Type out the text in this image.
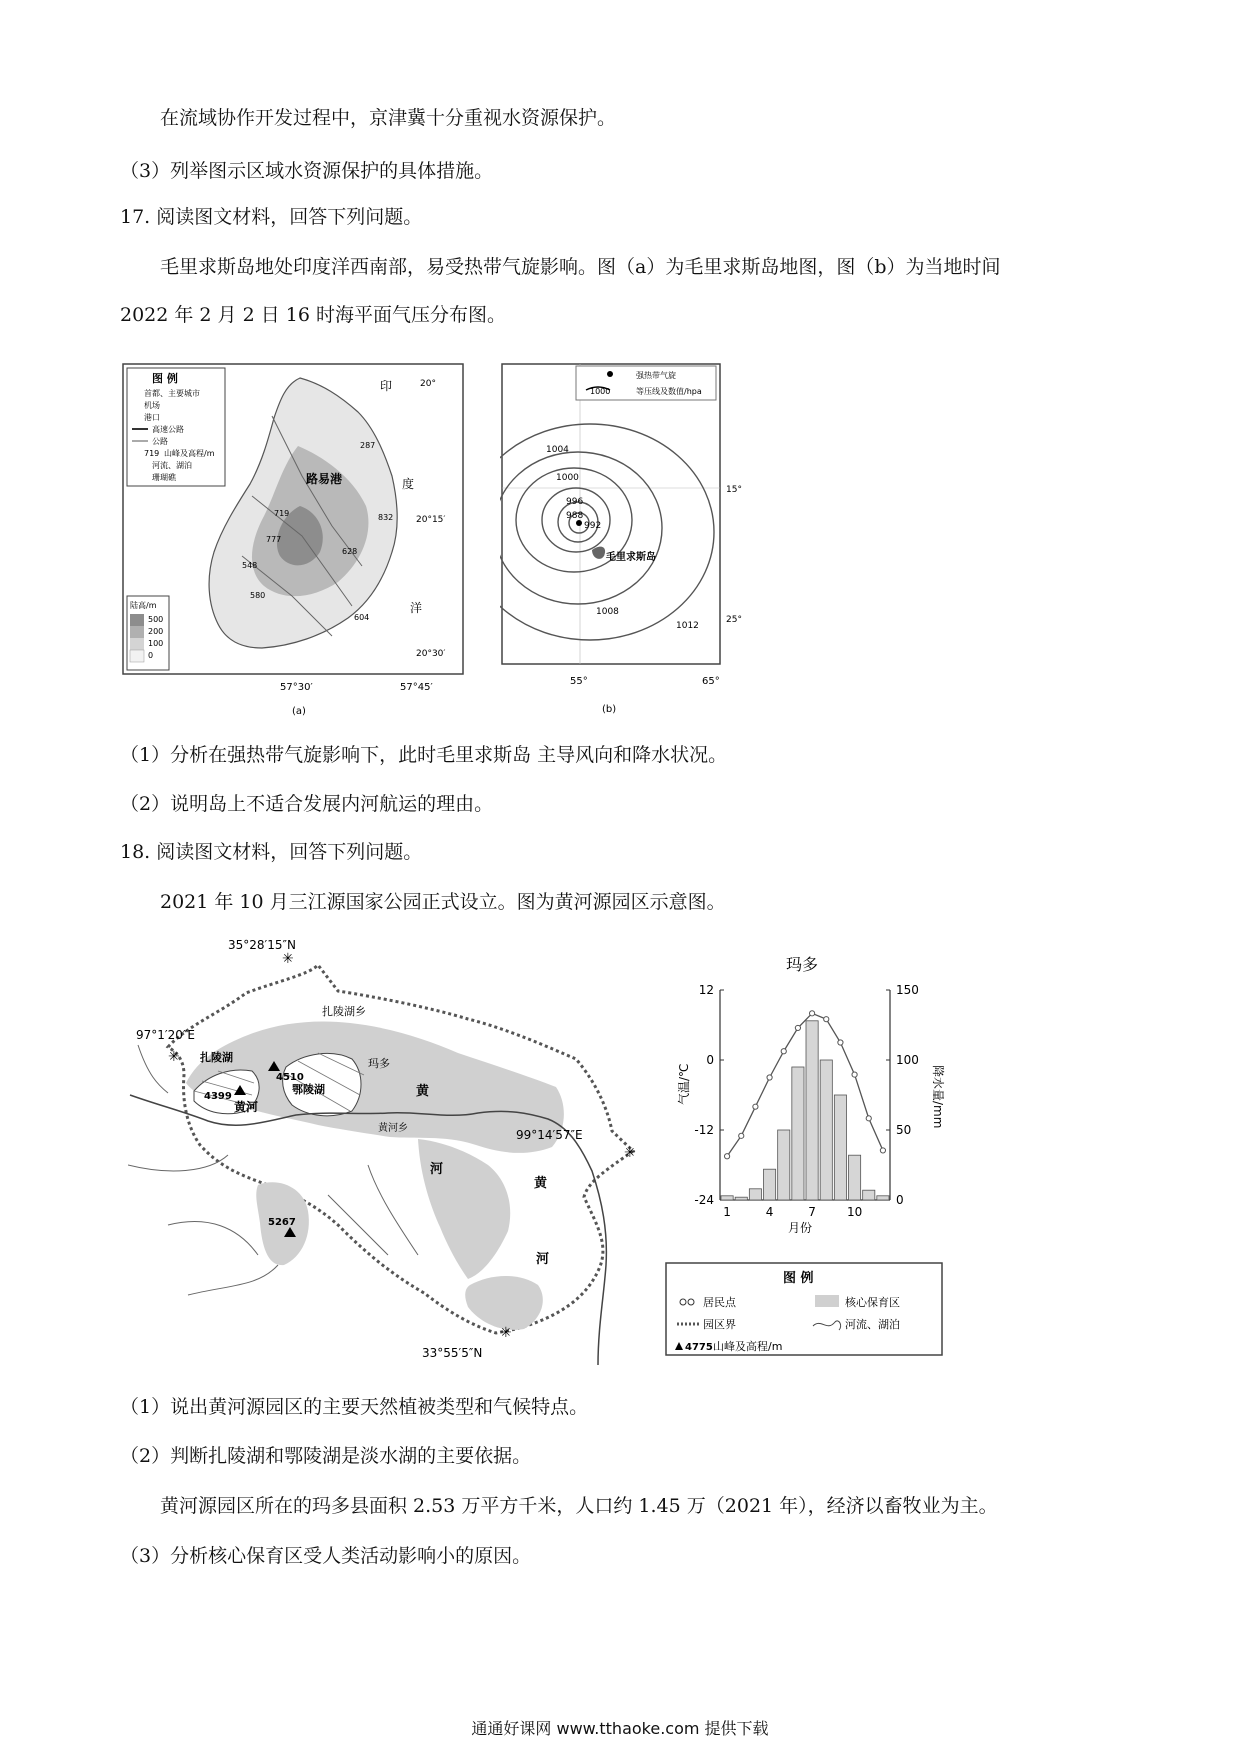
在流域协作开发过程中，京津冀十分重视水资源保护。
（3）列举图示区域水资源保护的具体措施。
17. 阅读图文材料，回答下列问题。
毛里求斯岛地处印度洋西南部，易受热带气旋影响。图（a）为毛里求斯岛地图，图（b）为当地时间
2022 年 2 月 2 日 16 时海平面气压分布图。
图 例
首都、主要城市
机场
港口
高速公路
公路
719 山峰及高程/m
河流、湖泊
珊瑚礁	路易港
287
719
777
832
628
548
580
604
20°
20°15′
20°30′
印
度
洋
陆高/m
500
200
100
0
57°30′	57°45′
(a)
强热带气旋
1000	等压线及数值/hpa
1004
1000
996
988
992
1008
1012
毛里求斯岛
15°
25°
55°	65°
(b)
（1）分析在强热带气旋影响下，此时毛里求斯岛 主导风向和降水状况。
（2）说明岛上不适合发展内河航运的理由。
18. 阅读图文材料，回答下列问题。
2021 年 10 月三江源国家公园正式设立。图为黄河源园区示意图。
35°28′15″N
97°1′20″E
99°14′57″E
33°55′5″N
✳
✳
✳
✳
扎陵湖乡
扎陵湖
鄂陵湖
玛多
黄河乡
黄河
黄
河
黄
河
4510
4399
5267
玛多
月份
气温/℃	降水量/mm
12
0
-12
-24
150
100
50
0
1	4	7	10
图 例
居民点	核心保育区
园区界	河流、湖泊
4775 山峰及高程/m
（1）说出黄河源园区的主要天然植被类型和气候特点。
（2）判断扎陵湖和鄂陵湖是淡水湖的主要依据。
黄河源园区所在的玛多县面积 2.53 万平方千米，人口约 1.45 万（2021 年），经济以畜牧业为主。
（3）分析核心保育区受人类活动影响小的原因。
通通好课网 www.tthaoke.com 提供下载
